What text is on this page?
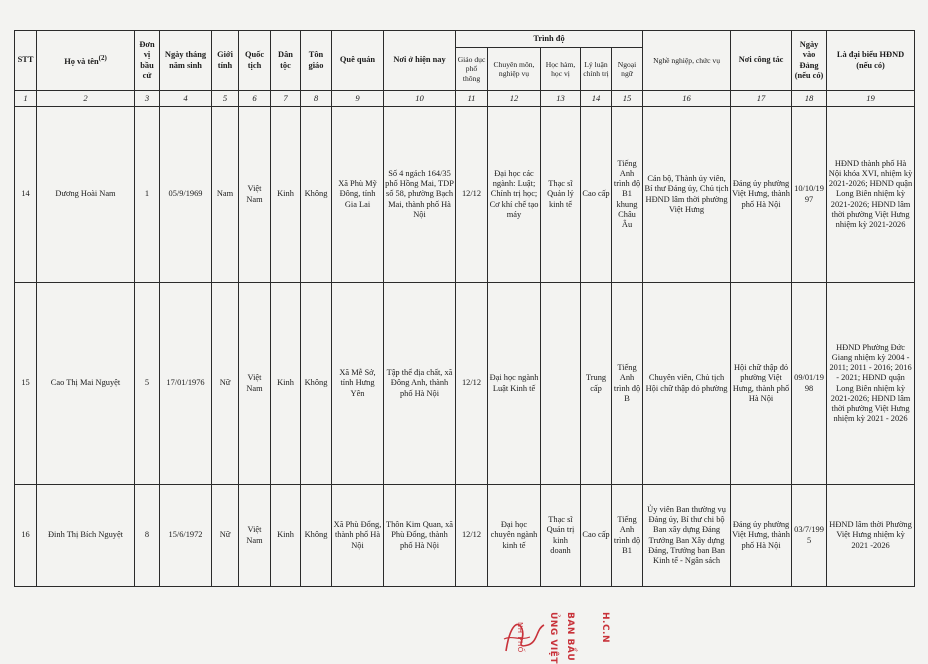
STT	Họ và tên$^{(2)}$	Đơn vị bầu cử	Ngày tháng năm sinh	Giới tính	Quốc tịch	Dân tộc	Tôn giáo	Quê quán	Nơi ở hiện nay	Trình độ					Nghề nghiệp, chức vụ	Nơi công tác	Ngày vào Đảng (nếu có)	Là đại biểu HĐND (nếu có)
										Giáo dục phổ thông	Chuyên môn, nghiệp vụ	Học hàm, học vị	Lý luận chính trị	Ngoại ngữ				
1	2	3	4	5	6	7	8	9	10	11	12	13	14	15	16	17	18	19
14	Dương Hoài Nam	1	05/9/1969	Nam	Việt Nam	Kinh	Không	Xã Phù Mỹ Đông, tỉnh Gia Lai	Số 4 ngách 164/35 phố Hồng Mai, TDP số 58, phường Bạch Mai, thành phố Hà Nội	12/12	Đại học các ngành: Luật; Chính trị học; Cơ khí chế tạo máy	Thạc sĩ Quản lý kinh tế	Cao cấp	Tiếng Anh trình độ B1 khung Châu Âu	Cán bộ, Thành ủy viên, Bí thư Đảng ủy, Chủ tịch HĐND lâm thời phường Việt Hưng	Đảng ủy phường Việt Hưng, thành phố Hà Nội	10/10/1997	HĐND thành phố Hà Nội khóa XVI, nhiệm kỳ 2021-2026; HĐND quận Long Biên nhiệm kỳ 2021-2026; HĐND lâm thời phường Việt Hưng nhiệm kỳ 2021-2026
15	Cao Thị Mai Nguyệt	5	17/01/1976	Nữ	Việt Nam	Kinh	Không	Xã Mễ Sở, tỉnh Hưng Yên	Tập thể địa chất, xã Đông Anh, thành phố Hà Nội	12/12	Đại học ngành Luật Kinh tế		Trung cấp	Tiếng Anh trình độ B	Chuyên viên, Chủ tịch Hội chữ thập đỏ phường	Hội chữ thập đỏ phường Việt Hưng, thành phố Hà Nội	09/01/1998	HĐND Phường Đức Giang nhiệm kỳ 2004 - 2011; 2011 - 2016; 2016 - 2021; HĐND quận Long Biên nhiệm kỳ 2021-2026; HĐND lâm thời phường Việt Hưng nhiệm kỳ 2021 - 2026
16	Đinh Thị Bích Nguyệt	8	15/6/1972	Nữ	Việt Nam	Kinh	Không	Xã Phù Đổng, thành phố Hà Nội	Thôn Kim Quan, xã Phù Đổng, thành phố Hà Nội	12/12	Đại học chuyên ngành kinh tế	Thạc sĩ Quản trị kinh doanh	Cao cấp	Tiếng Anh trình độ B1	Ủy viên Ban thường vụ Đảng ủy, Bí thư chi bộ Ban xây dựng Đảng Trưởng Ban Xây dựng Đảng, Trưởng ban Ban Kinh tế - Ngân sách	Đảng ủy phường Việt Hưng, thành phố Hà Nội	03/7/1995	HĐND lâm thời Phường Việt Hưng nhiệm kỳ 2021 -2026
NH PHỐ	ỦNG VIỆT BAN BẦU	H.C.N
